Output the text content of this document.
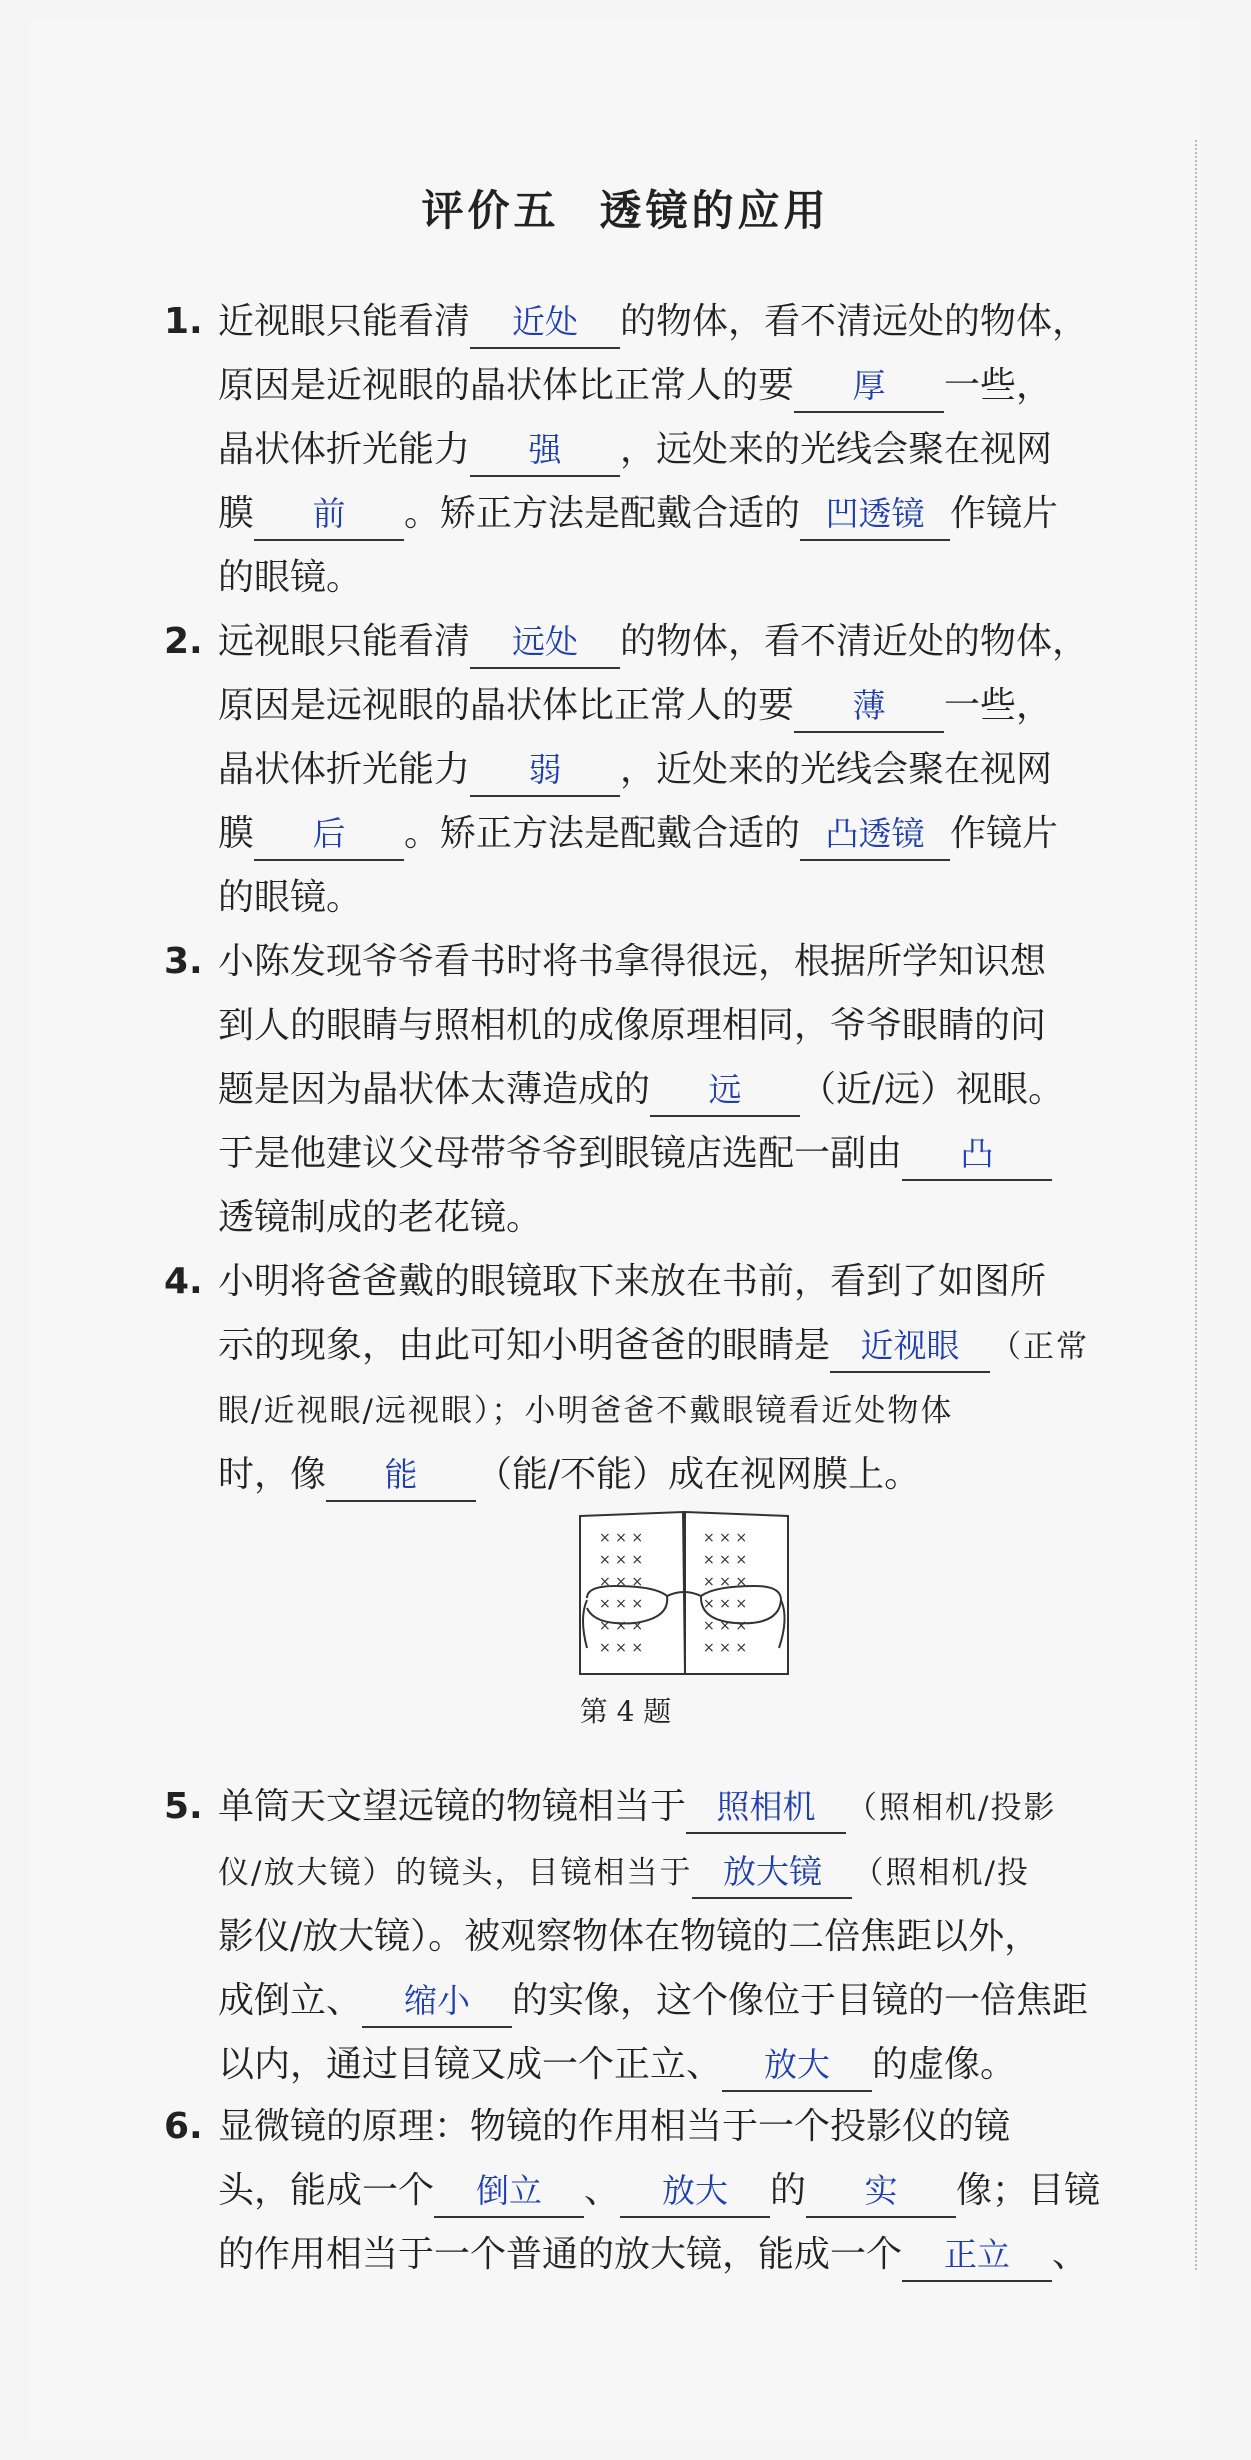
评价五 透镜的应用
1. 近视眼只能看清 近处 的物体，看不清远处的物体，
原因是近视眼的晶状体比正常人的要 厚 一些，
晶状体折光能力 强 ，远处来的光线会聚在视网
膜 前 。矫正方法是配戴合适的 凹透镜 作镜片
的眼镜。
2. 远视眼只能看清 远处 的物体，看不清近处的物体，
原因是远视眼的晶状体比正常人的要 薄 一些，
晶状体折光能力 弱 ，近处来的光线会聚在视网
膜 后 。矫正方法是配戴合适的 凸透镜 作镜片
的眼镜。
3. 小陈发现爷爷看书时将书拿得很远，根据所学知识想
到人的眼睛与照相机的成像原理相同，爷爷眼睛的问
题是因为晶状体太薄造成的 远 （近/远）视眼。
于是他建议父母带爷爷到眼镜店选配一副由 凸
透镜制成的老花镜。
4. 小明将爸爸戴的眼镜取下来放在书前，看到了如图所
示的现象，由此可知小明爸爸的眼睛是 近视眼 （正常
眼/近视眼/远视眼）；小明爸爸不戴眼镜看近处物体
时，像 能 （能/不能）成在视网膜上。
× × ×
× × ×
× × ×
× × ×
× × ×
× × ×
× × ×
× × ×
× × ×
× × ×
× × ×
× × ×
第 4 题
5. 单筒天文望远镜的物镜相当于 照相机 （照相机/投影
仪/放大镜）的镜头，目镜相当于 放大镜 （照相机/投
影仪/放大镜）。被观察物体在物镜的二倍焦距以外，
成倒立、 缩小 的实像，这个像位于目镜的一倍焦距
以内，通过目镜又成一个正立、 放大 的虚像。
6. 显微镜的原理：物镜的作用相当于一个投影仪的镜
头，能成一个 倒立 、 放大 的 实 像；目镜
的作用相当于一个普通的放大镜，能成一个 正立 、
